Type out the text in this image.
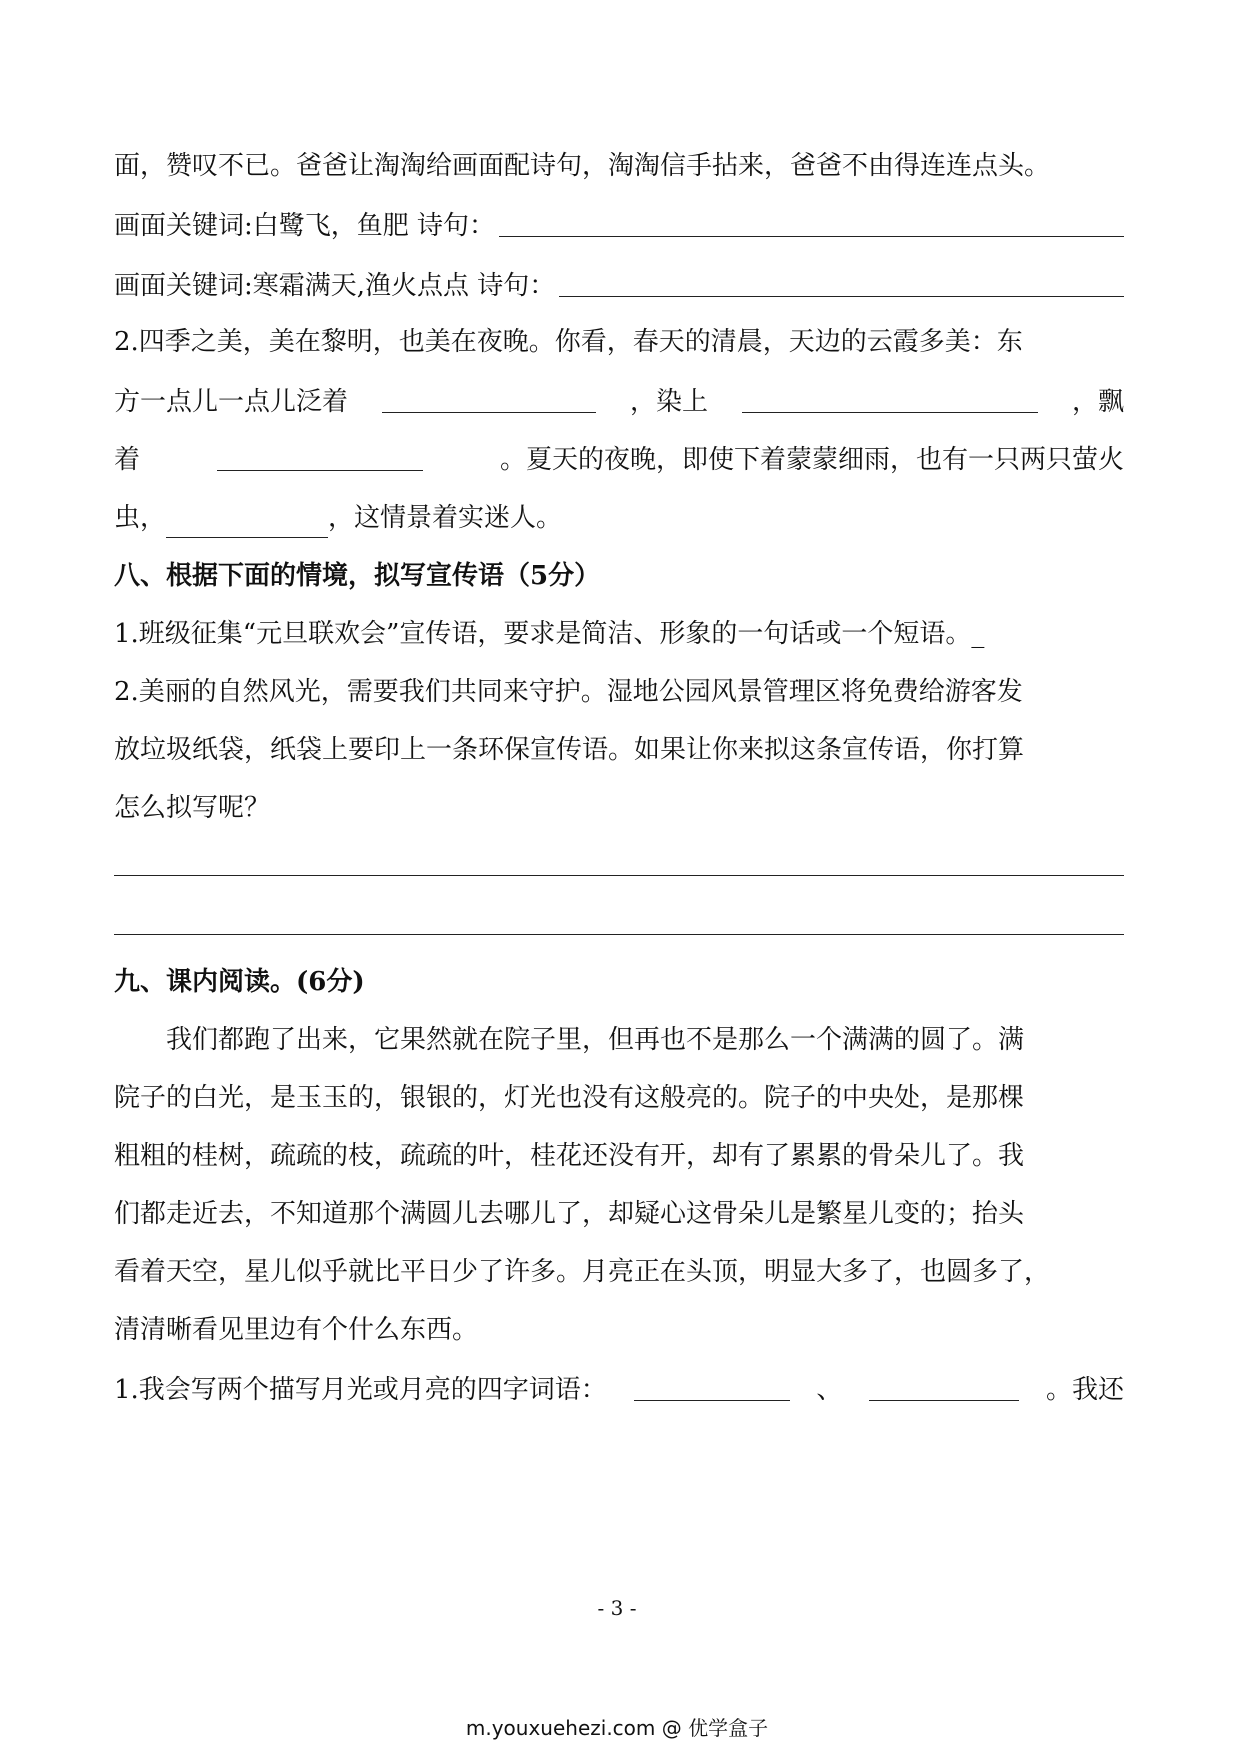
面，赞叹不已。爸爸让淘淘给画面配诗句，淘淘信手拈来，爸爸不由得连连点头。
画面关键词:白鹭飞，鱼肥 诗句：
画面关键词:寒霜满天,渔火点点 诗句：
2.四季之美，美在黎明，也美在夜晚。你看，春天的清晨，天边的云霞多美：东
方一点儿一点儿泛着	，染上	，飘
着	。夏天的夜晚，即使下着蒙蒙细雨，也有一只两只萤火
虫，	，这情景着实迷人。
八、根据下面的情境，拟写宣传语（5分）
1.班级征集“元旦联欢会”宣传语，要求是简洁、形象的一句话或一个短语。_
2.美丽的自然风光，需要我们共同来守护。湿地公园风景管理区将免费给游客发
放垃圾纸袋，纸袋上要印上一条环保宣传语。如果让你来拟这条宣传语，你打算
怎么拟写呢？
九、课内阅读。(6分)
我们都跑了出来，它果然就在院子里，但再也不是那么一个满满的圆了。满
院子的白光，是玉玉的，银银的，灯光也没有这般亮的。院子的中央处，是那棵
粗粗的桂树，疏疏的枝，疏疏的叶，桂花还没有开，却有了累累的骨朵儿了。我
们都走近去，不知道那个满圆儿去哪儿了，却疑心这骨朵儿是繁星儿变的；抬头
看着天空，星儿似乎就比平日少了许多。月亮正在头顶，明显大多了，也圆多了，
清清晰看见里边有个什么东西。
1.我会写两个描写月光或月亮的四字词语：	、	。我还
- 3 -
m.youxuehezi.com @ 优学盒子
